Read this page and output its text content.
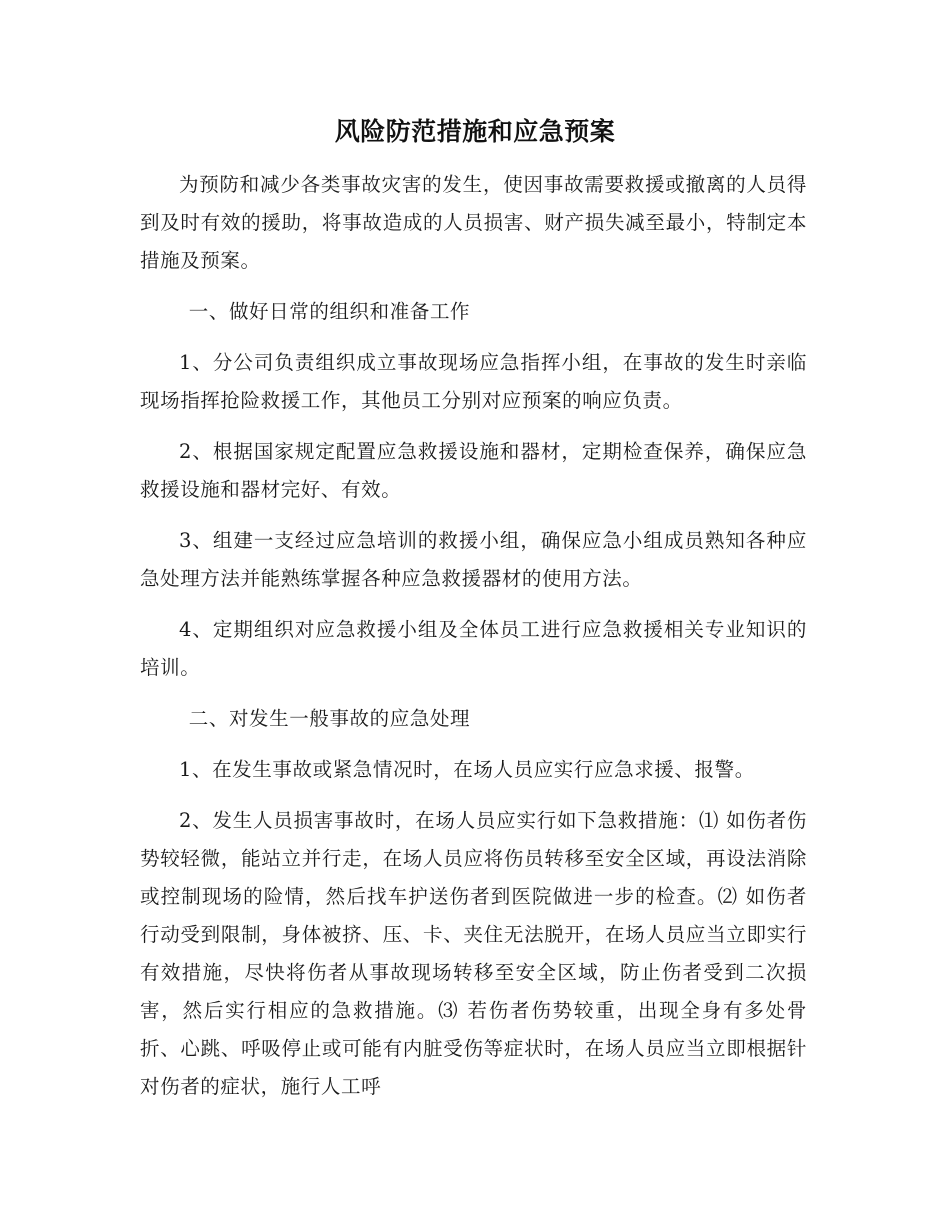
风险防范措施和应急预案

为预防和减少各类事故灾害的发生，使因事故需要救援或撤离的人员得到及时有效的援助，将事故造成的人员损害、财产损失减至最小，特制定本措施及预案。

一、做好日常的组织和准备工作

1、分公司负责组织成立事故现场应急指挥小组，在事故的发生时亲临现场指挥抢险救援工作，其他员工分别对应预案的响应负责。

2、根据国家规定配置应急救援设施和器材，定期检查保养，确保应急救援设施和器材完好、有效。

3、组建一支经过应急培训的救援小组，确保应急小组成员熟知各种应急处理方法并能熟练掌握各种应急救援器材的使用方法。

4、定期组织对应急救援小组及全体员工进行应急救援相关专业知识的培训。

二、对发生一般事故的应急处理

1、在发生事故或紧急情况时，在场人员应实行应急求援、报警。

2、发生人员损害事故时，在场人员应实行如下急救措施：⑴ 如伤者伤势较轻微，能站立并行走，在场人员应将伤员转移至安全区域，再设法消除或控制现场的险情，然后找车护送伤者到医院做进一步的检查。⑵ 如伤者行动受到限制，身体被挤、压、卡、夹住无法脱开，在场人员应当立即实行有效措施，尽快将伤者从事故现场转移至安全区域，防止伤者受到二次损害，然后实行相应的急救措施。⑶ 若伤者伤势较重，出现全身有多处骨折、心跳、呼吸停止或可能有内脏受伤等症状时，在场人员应当立即根据针对伤者的症状，施行人工呼
